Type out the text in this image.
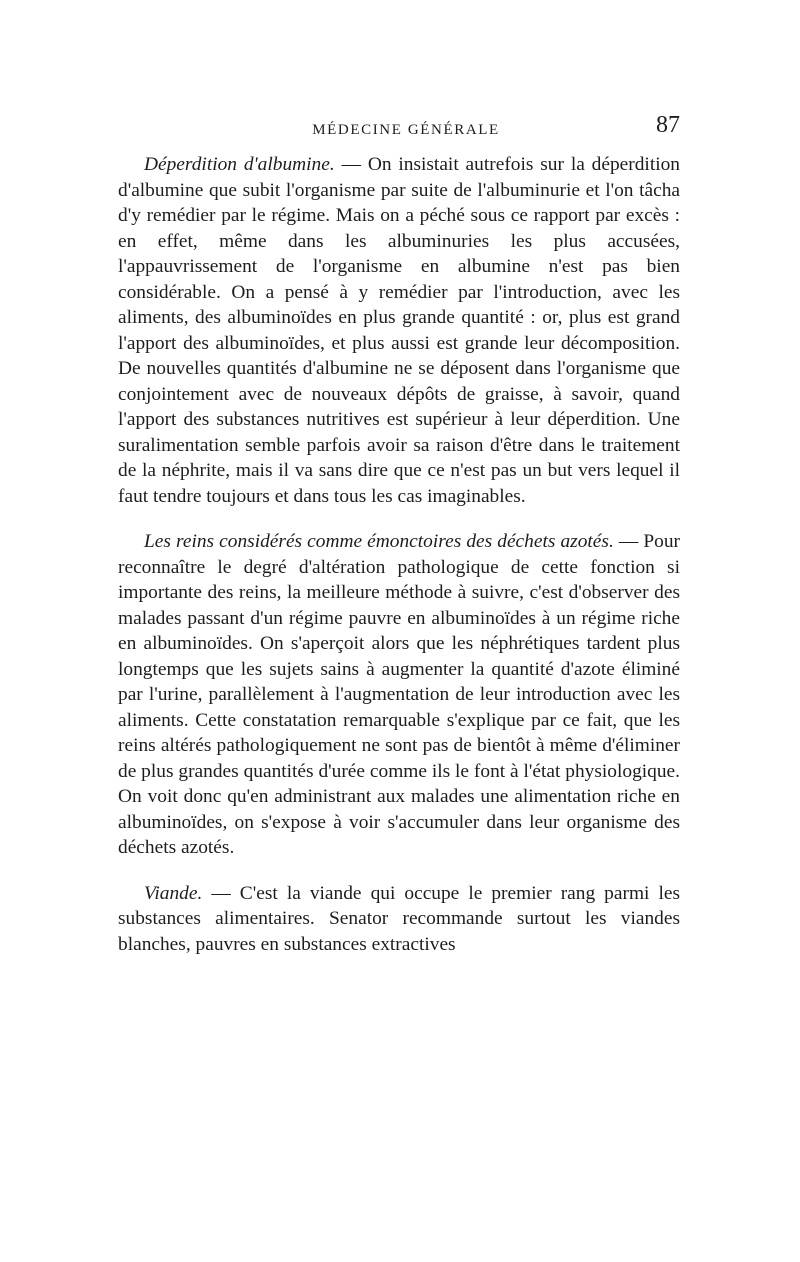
MÉDECINE GÉNÉRALE	87

Déperdition d'albumine. — On insistait autrefois sur la déperdition d'albumine que subit l'organisme par suite de l'albuminurie et l'on tâcha d'y remédier par le régime. Mais on a péché sous ce rapport par excès : en effet, même dans les albuminuries les plus accusées, l'appauvrissement de l'organisme en albumine n'est pas bien considérable. On a pensé à y remédier par l'introduction, avec les aliments, des albuminoïdes en plus grande quantité : or, plus est grand l'apport des albuminoïdes, et plus aussi est grande leur décomposition. De nouvelles quantités d'albumine ne se déposent dans l'organisme que conjointement avec de nouveaux dépôts de graisse, à savoir, quand l'apport des substances nutritives est supérieur à leur déperdition. Une suralimentation semble parfois avoir sa raison d'être dans le traitement de la néphrite, mais il va sans dire que ce n'est pas un but vers lequel il faut tendre toujours et dans tous les cas imaginables.

Les reins considérés comme émonctoires des déchets azotés. — Pour reconnaître le degré d'altération pathologique de cette fonction si importante des reins, la meilleure méthode à suivre, c'est d'observer des malades passant d'un régime pauvre en albuminoïdes à un régime riche en albuminoïdes. On s'aperçoit alors que les néphrétiques tardent plus longtemps que les sujets sains à augmenter la quantité d'azote éliminé par l'urine, parallèlement à l'augmentation de leur introduction avec les aliments. Cette constatation remarquable s'explique par ce fait, que les reins altérés pathologiquement ne sont pas de bientôt à même d'éliminer de plus grandes quantités d'urée comme ils le font à l'état physiologique. On voit donc qu'en administrant aux malades une alimentation riche en albuminoïdes, on s'expose à voir s'accumuler dans leur organisme des déchets azotés.

Viande. — C'est la viande qui occupe le premier rang parmi les substances alimentaires. Senator recommande surtout les viandes blanches, pauvres en substances extractives
